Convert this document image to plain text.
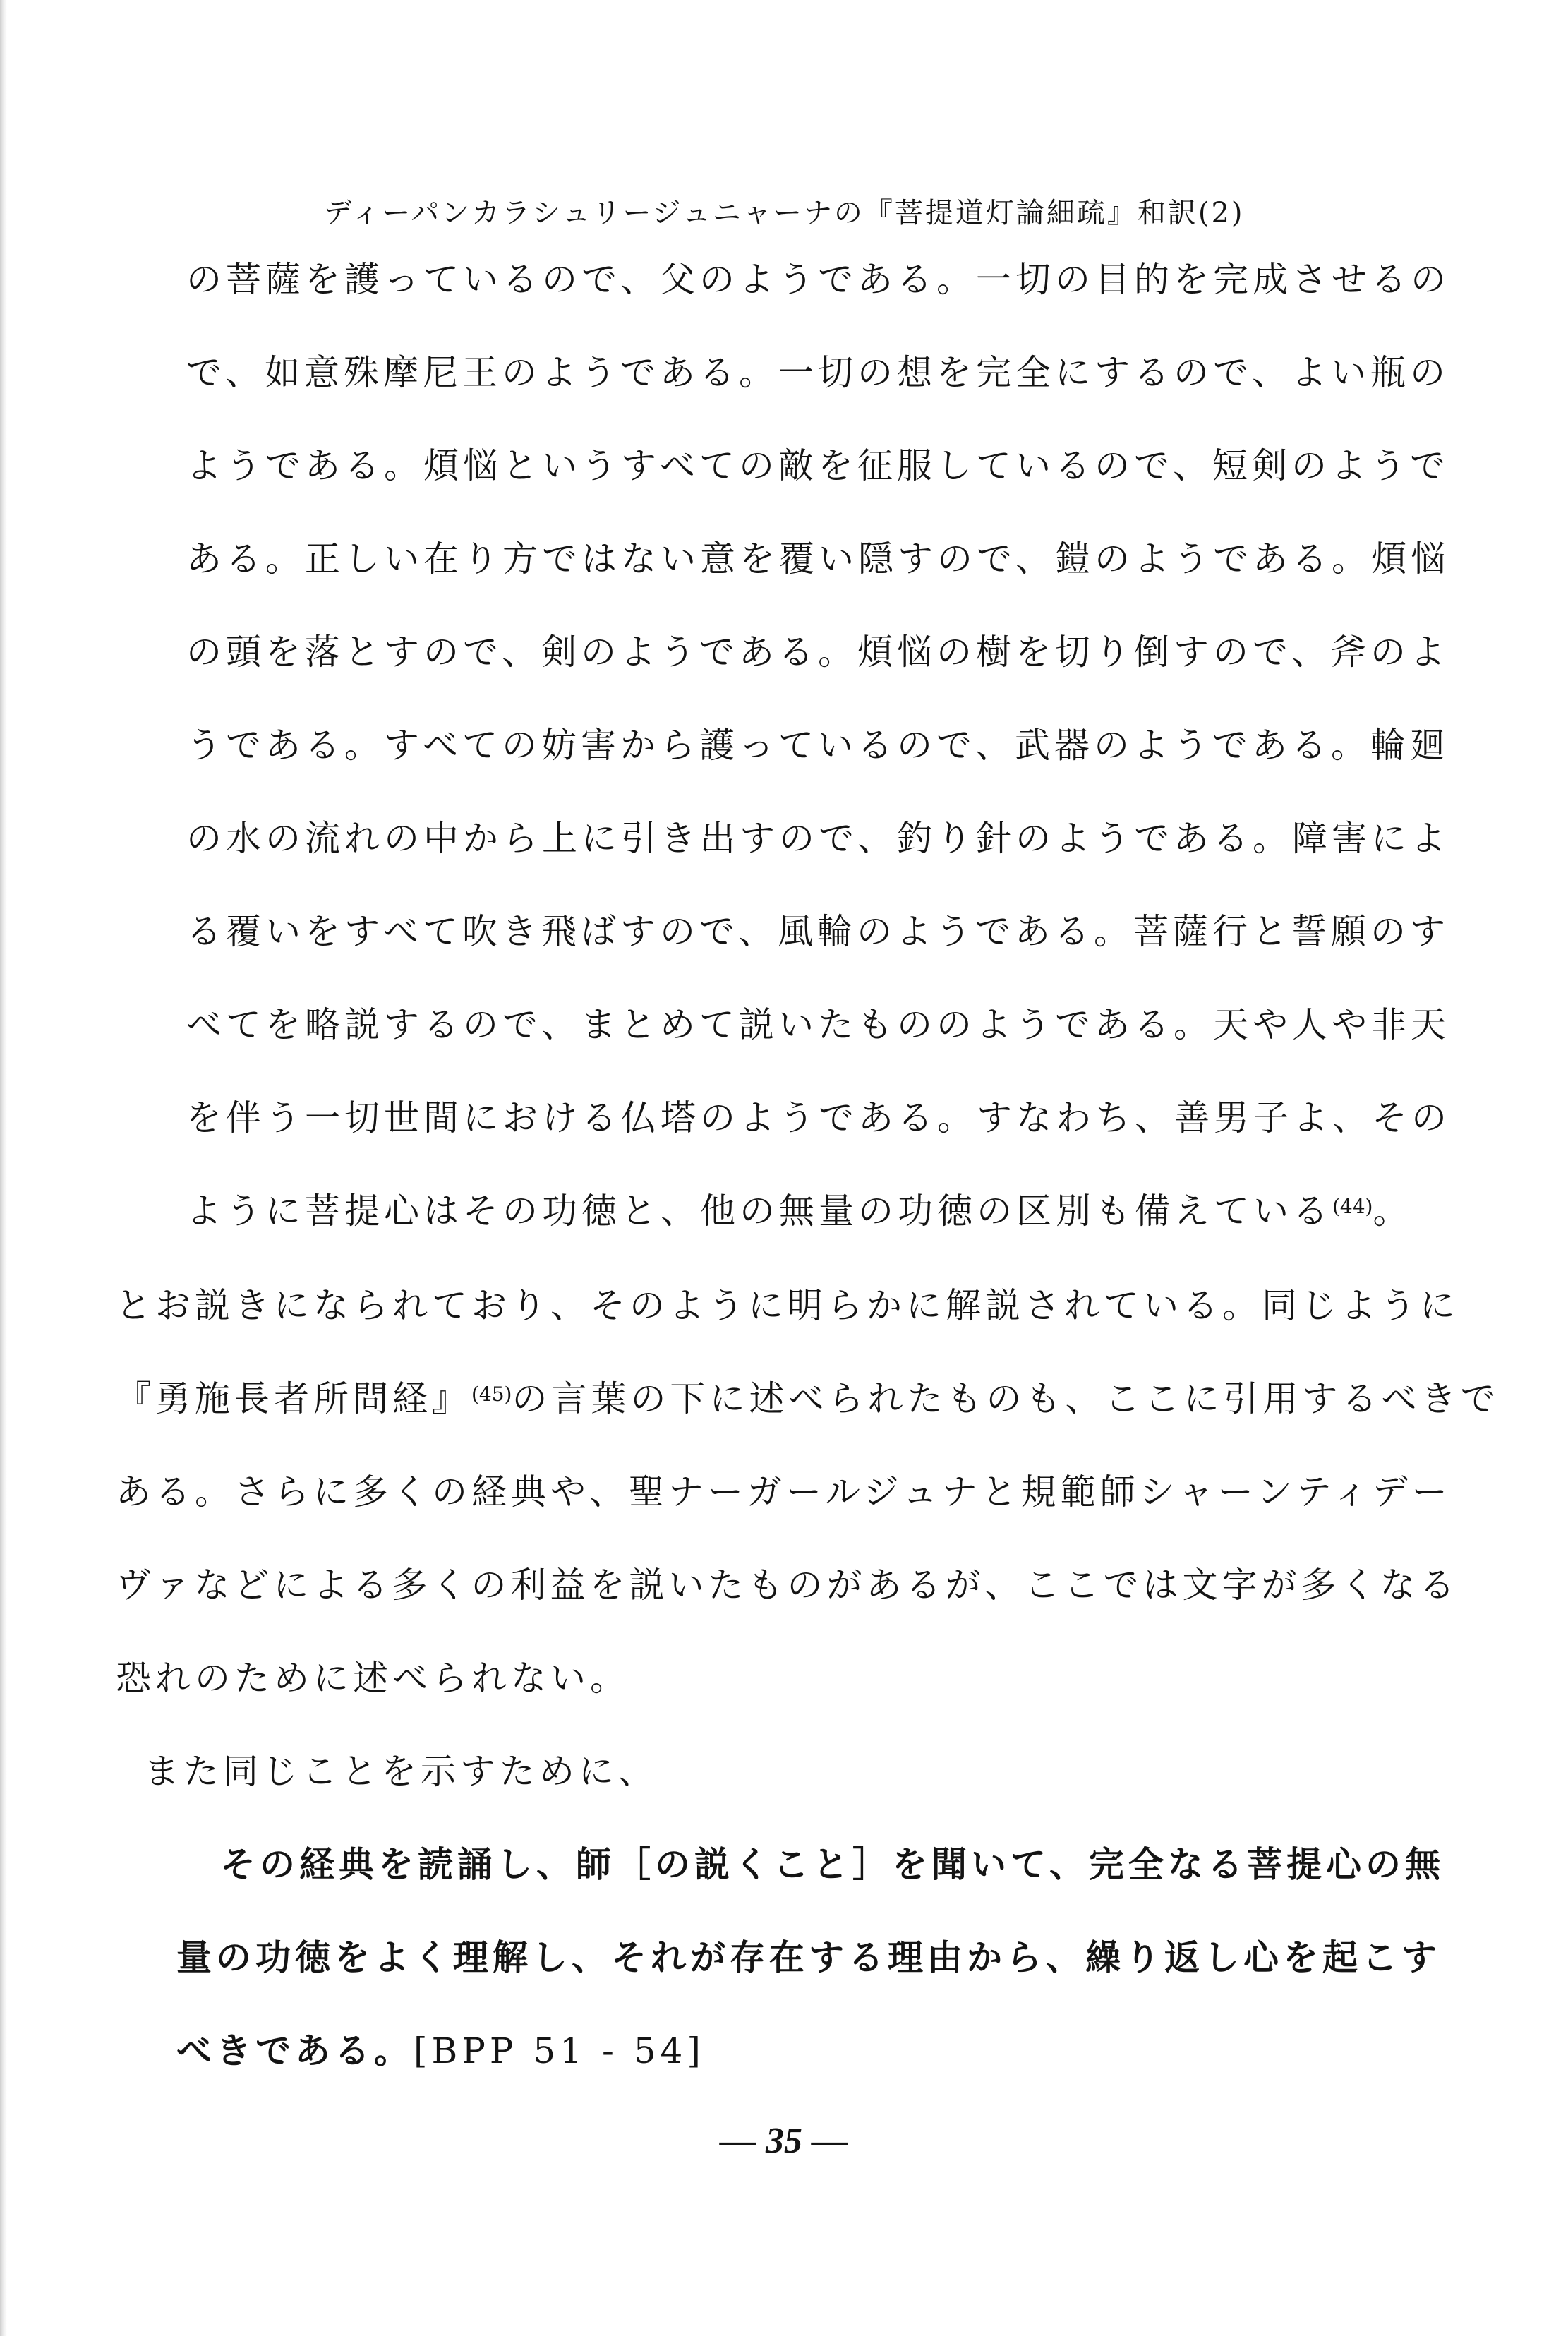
ディーパンカラシュリージュニャーナの『菩提道灯論細疏』和訳(2)
の菩薩を護っているので、父のようである。一切の目的を完成させるの
で、如意殊摩尼王のようである。一切の想を完全にするので、よい瓶の
ようである。煩悩というすべての敵を征服しているので、短剣のようで
ある。正しい在り方ではない意を覆い隠すので、鎧のようである。煩悩
の頭を落とすので、剣のようである。煩悩の樹を切り倒すので、斧のよ
うである。すべての妨害から護っているので、武器のようである。輪廻
の水の流れの中から上に引き出すので、釣り針のようである。障害によ
る覆いをすべて吹き飛ばすので、風輪のようである。菩薩行と誓願のす
べてを略説するので、まとめて説いたもののようである。天や人や非天
を伴う一切世間における仏塔のようである。すなわち、善男子よ、その
ように菩提心はその功徳と、他の無量の功徳の区別も備えている$^{(44)}$。
とお説きになられており、そのように明らかに解説されている。同じように
『勇施長者所問経』$^{(45)}$の言葉の下に述べられたものも、ここに引用するべきで
ある。さらに多くの経典や、聖ナーガールジュナと規範師シャーンティデー
ヴァなどによる多くの利益を説いたものがあるが、ここでは文字が多くなる
恐れのために述べられない。
また同じことを示すために、
その経典を読誦し、師［の説くこと］を聞いて、完全なる菩提心の無
量の功徳をよく理解し、それが存在する理由から、繰り返し心を起こす
べきである。[BPP 51 - 54]
— 35 —
